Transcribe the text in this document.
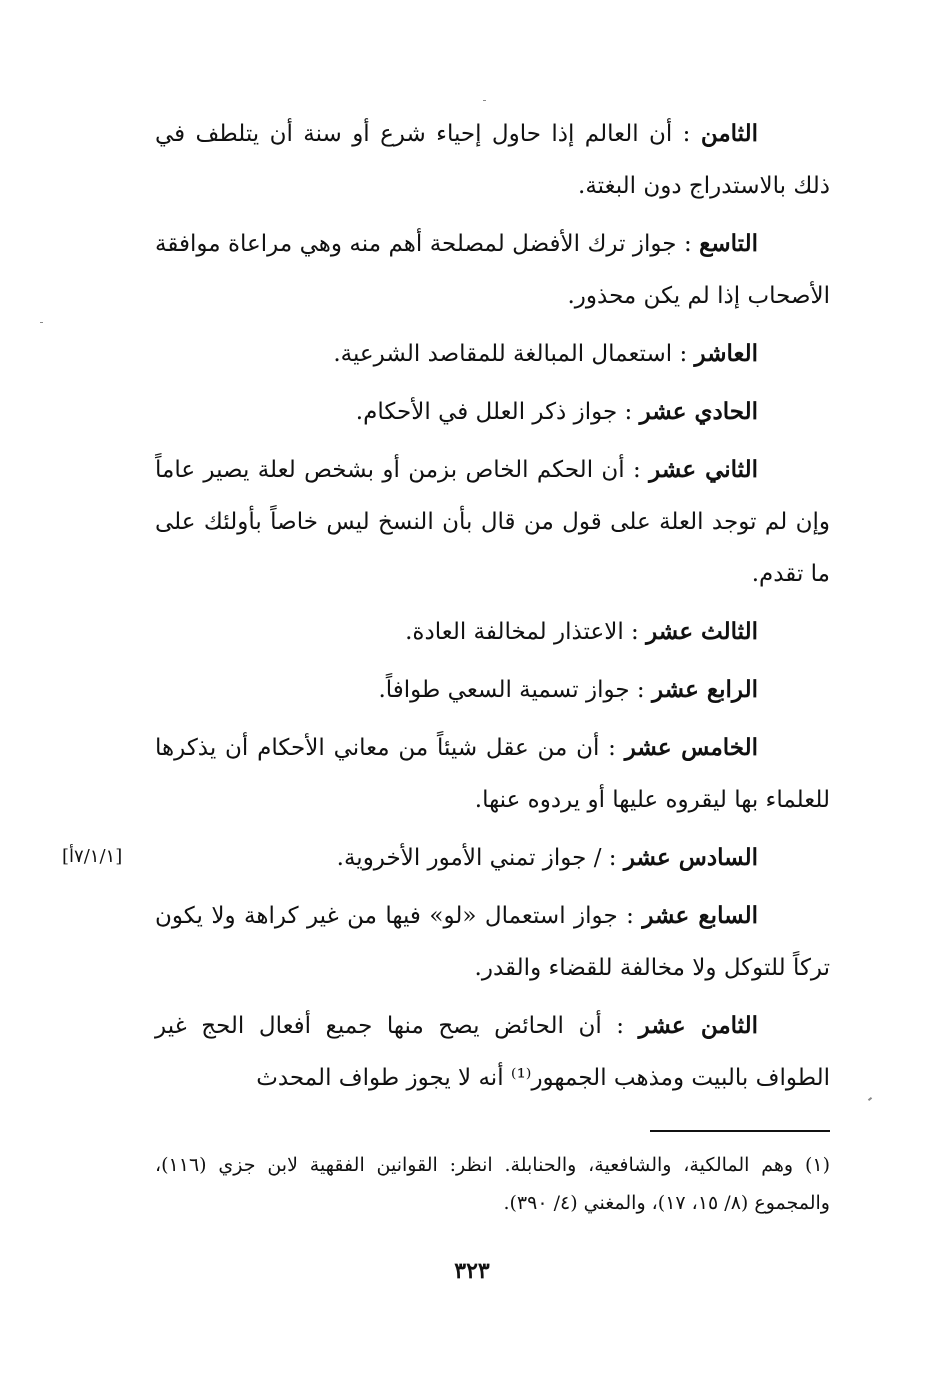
الثامن : أن العالم إذا حاول إحياء شرع أو سنة أن يتلطف في ذلك بالاستدراج دون البغتة.

التاسع : جواز ترك الأفضل لمصلحة أهم منه وهي مراعاة موافقة الأصحاب إذا لم يكن محذور.

العاشر : استعمال المبالغة للمقاصد الشرعية.

الحادي عشر : جواز ذكر العلل في الأحكام.

الثاني عشر : أن الحكم الخاص بزمن أو بشخص لعلة يصير عاماً وإن لم توجد العلة على قول من قال بأن النسخ ليس خاصاً بأولئك على ما تقدم.

الثالث عشر : الاعتذار لمخالفة العادة.

الرابع عشر : جواز تسمية السعي طوافاً.

الخامس عشر : أن من عقل شيئاً من معاني الأحكام أن يذكرها للعلماء بها ليقروه عليها أو يردوه عنها.

السادس عشر : / جواز تمني الأمور الأخروية.

السابع عشر : جواز استعمال «لو» فيها من غير كراهة ولا يكون تركاً للتوكل ولا مخالفة للقضاء والقدر.

الثامن عشر : أن الحائض يصح منها جميع أفعال الحج غير الطواف بالبيت ومذهب الجمهور⁽¹⁾ أنه لا يجوز طواف المحدث

[٧/١/١أ]

(١) وهم المالكية، والشافعية، والحنابلة. انظر: القوانين الفقهية لابن جزي (١١٦)، والمجموع (٨/ ١٥، ١٧)، والمغني (٤/ ٣٩٠).

٣٢٣
